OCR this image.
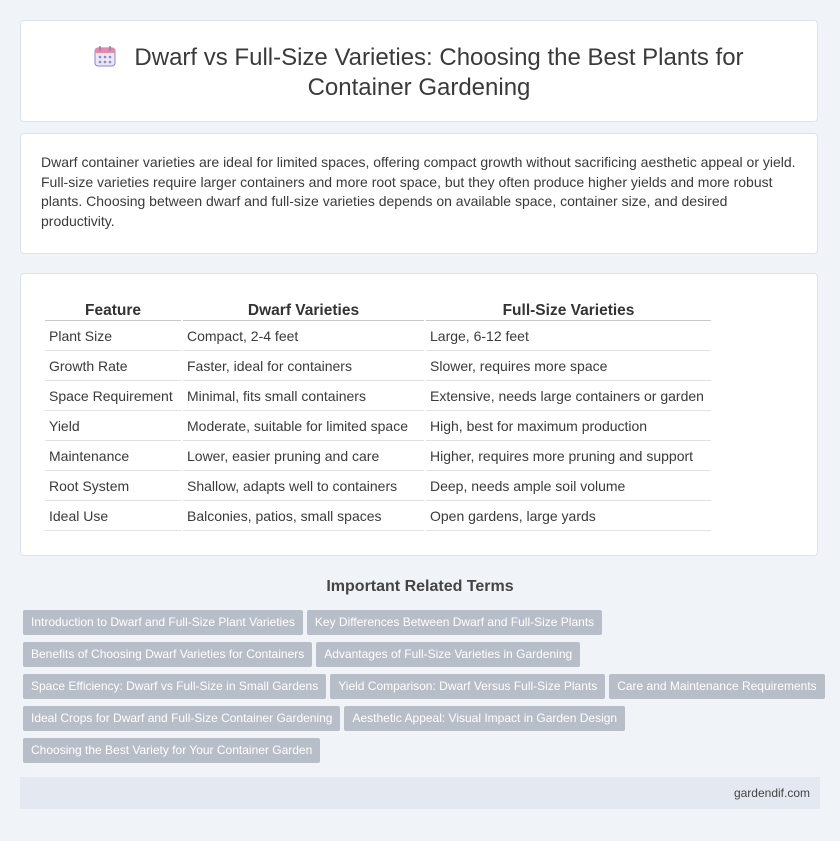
Dwarf vs Full-Size Varieties: Choosing the Best Plants for Container Gardening

Dwarf container varieties are ideal for limited spaces, offering compact growth without sacrificing aesthetic appeal or yield. Full-size varieties require larger containers and more root space, but they often produce higher yields and more robust plants. Choosing between dwarf and full-size varieties depends on available space, container size, and desired productivity.

Feature	Dwarf Varieties	Full-Size Varieties
Plant Size	Compact, 2-4 feet	Large, 6-12 feet
Growth Rate	Faster, ideal for containers	Slower, requires more space
Space Requirement	Minimal, fits small containers	Extensive, needs large containers or garden
Yield	Moderate, suitable for limited space	High, best for maximum production
Maintenance	Lower, easier pruning and care	Higher, requires more pruning and support
Root System	Shallow, adapts well to containers	Deep, needs ample soil volume
Ideal Use	Balconies, patios, small spaces	Open gardens, large yards
Important Related Terms
Introduction to Dwarf and Full-Size Plant Varieties Key Differences Between Dwarf and Full-Size Plants
Benefits of Choosing Dwarf Varieties for Containers Advantages of Full-Size Varieties in Gardening
Space Efficiency: Dwarf vs Full-Size in Small Gardens Yield Comparison: Dwarf Versus Full-Size Plants Care and Maintenance Requirements
Ideal Crops for Dwarf and Full-Size Container Gardening Aesthetic Appeal: Visual Impact in Garden Design
Choosing the Best Variety for Your Container Garden
gardendif.com
